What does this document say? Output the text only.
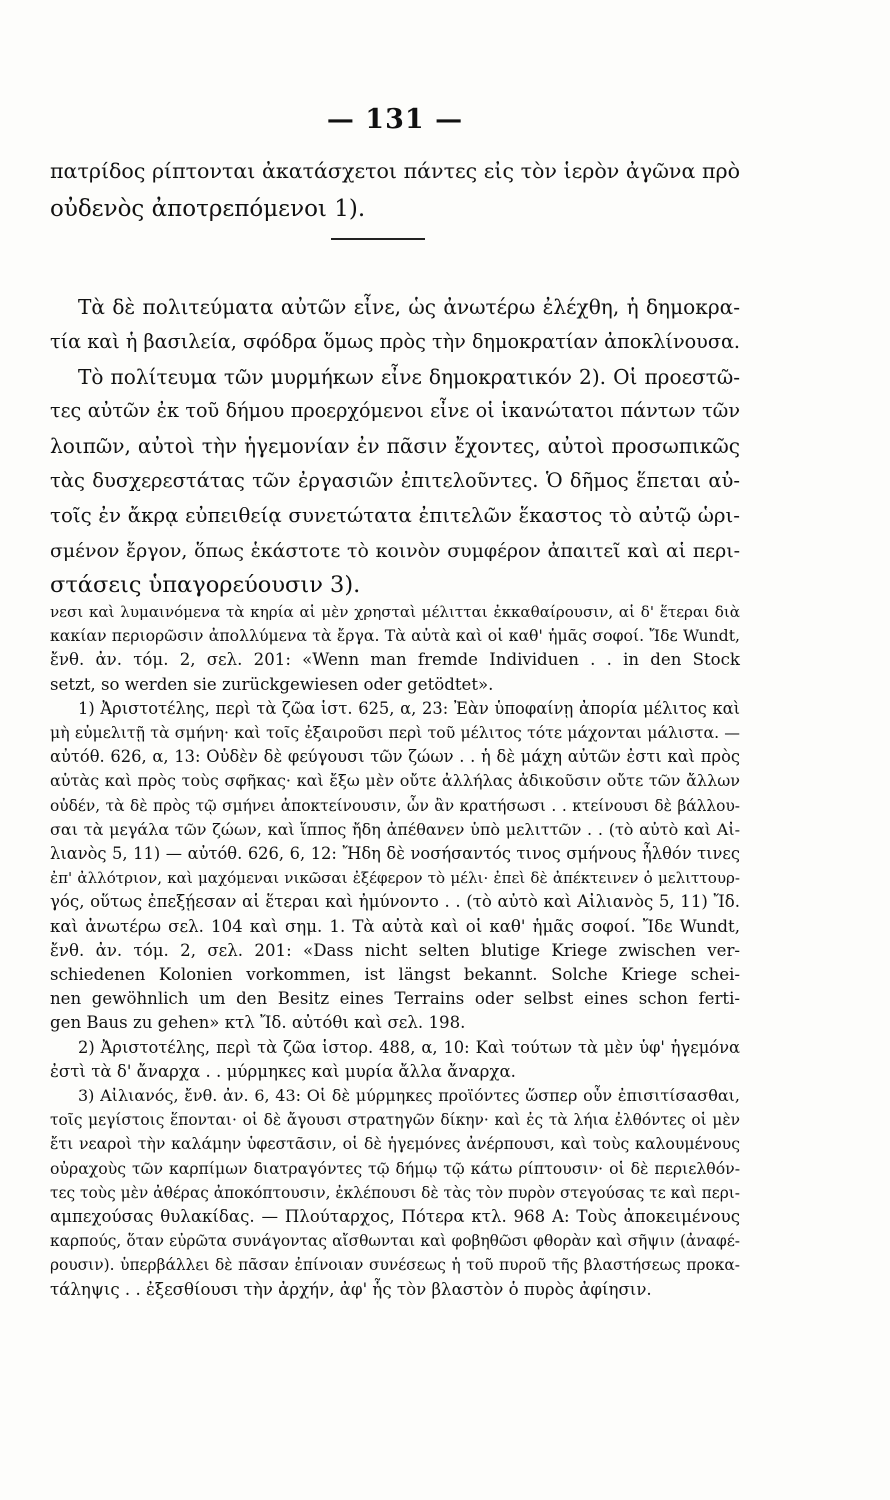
— 131 —
πατρίδος ρίπτονται ἀκατάσχετοι πάντες εἰς τὸν ἱερὸν ἀγῶνα πρὸ
οὐδενὸς ἀποτρεπόμενοι 1).
Τὰ δὲ πολιτεύματα αὐτῶν εἶνε, ὡς ἀνωτέρω ἐλέχθη, ἡ δημοκρα-
τία καὶ ἡ βασιλεία, σφόδρα ὅμως πρὸς τὴν δημοκρατίαν ἀποκλίνουσα.
Τὸ πολίτευμα τῶν μυρμήκων εἶνε δημοκρατικόν 2). Οἱ προεστῶ-
τες αὐτῶν ἐκ τοῦ δήμου προερχόμενοι εἶνε οἱ ἱκανώτατοι πάντων τῶν
λοιπῶν, αὐτοὶ τὴν ἡγεμονίαν ἐν πᾶσιν ἔχοντες, αὐτοὶ προσωπικῶς
τὰς δυσχερεστάτας τῶν ἐργασιῶν ἐπιτελοῦντες. Ὁ δῆμος ἕπεται αὐ-
τοῖς ἐν ἄκρᾳ εὐπειθείᾳ συνετώτατα ἐπιτελῶν ἕκαστος τὸ αὐτῷ ὡρι-
σμένον ἔργον, ὅπως ἑκάστοτε τὸ κοινὸν συμφέρον ἀπαιτεῖ καὶ αἱ περι-
στάσεις ὑπαγορεύουσιν 3).
νεσι καὶ λυμαινόμενα τὰ κηρία αἱ μὲν χρησταὶ μέλιτται ἐκκαθαίρουσιν, αἱ δ' ἕτεραι διὰ
κακίαν περιορῶσιν ἀπολλύμενα τὰ ἔργα. Τὰ αὐτὰ καὶ οἱ καθ' ἡμᾶς σοφοί. Ἴδε Wundt,
ἔνθ. ἀν. τόμ. 2, σελ. 201: «Wenn man fremde Individuen . . in den Stock
setzt, so werden sie zurückgewiesen oder getödtet».
1) Ἀριστοτέλης, περὶ τὰ ζῶα ἱστ. 625, α, 23: Ἐὰν ὑποφαίνῃ ἀπορία μέλιτος καὶ
μὴ εὐμελιτῇ τὰ σμήνη· καὶ τοῖς ἐξαιροῦσι περὶ τοῦ μέλιτος τότε μάχονται μάλιστα. —
αὐτόθ. 626, α, 13: Οὐδὲν δὲ φεύγουσι τῶν ζώων . . ἡ δὲ μάχη αὐτῶν ἐστι καὶ πρὸς
αὑτὰς καὶ πρὸς τοὺς σφῆκας· καὶ ἔξω μὲν οὔτε ἀλλήλας ἀδικοῦσιν οὔτε τῶν ἄλλων
οὐδέν, τὰ δὲ πρὸς τῷ σμήνει ἀποκτείνουσιν, ὧν ἂν κρατήσωσι . . κτείνουσι δὲ βάλλου-
σαι τὰ μεγάλα τῶν ζώων, καὶ ἵππος ἤδη ἀπέθανεν ὑπὸ μελιττῶν . . (τὸ αὐτὸ καὶ Αἰ-
λιανὸς 5, 11) — αὐτόθ. 626, 6, 12: Ἤδη δὲ νοσήσαντός τινος σμήνους ἦλθόν τινες
ἐπ' ἀλλότριον, καὶ μαχόμεναι νικῶσαι ἐξέφερον τὸ μέλι· ἐπεὶ δὲ ἀπέκτεινεν ὁ μελιττουρ-
γός, οὕτως ἐπεξῄεσαν αἱ ἕτεραι καὶ ἠμύνοντο . . (τὸ αὐτὸ καὶ Αἰλιανὸς 5, 11) Ἴδ.
καὶ ἀνωτέρω σελ. 104 καὶ σημ. 1. Τὰ αὐτὰ καὶ οἱ καθ' ἡμᾶς σοφοί. Ἴδε Wundt,
ἔνθ. ἀν. τόμ. 2, σελ. 201: «Dass nicht selten blutige Kriege zwischen ver-
schiedenen Kolonien vorkommen, ist längst bekannt. Solche Kriege schei-
nen gewöhnlich um den Besitz eines Terrains oder selbst eines schon ferti-
gen Baus zu gehen» κτλ Ἴδ. αὐτόθι καὶ σελ. 198.
2) Ἀριστοτέλης, περὶ τὰ ζῶα ἱστορ. 488, α, 10: Καὶ τούτων τὰ μὲν ὑφ' ἡγεμόνα
ἐστὶ τὰ δ' ἄναρχα . . μύρμηκες καὶ μυρία ἄλλα ἄναρχα.
3) Αἰλιανός, ἔνθ. ἀν. 6, 43: Οἱ δὲ μύρμηκες προϊόντες ὥσπερ οὖν ἐπισιτίσασθαι,
τοῖς μεγίστοις ἕπονται· οἱ δὲ ἄγουσι στρατηγῶν δίκην· καὶ ἐς τὰ λήια ἐλθόντες οἱ μὲν
ἔτι νεαροὶ τὴν καλάμην ὑφεστᾶσιν, οἱ δὲ ἡγεμόνες ἀνέρπουσι, καὶ τοὺς καλουμένους
οὐραχοὺς τῶν καρπίμων διατραγόντες τῷ δήμῳ τῷ κάτω ρίπτουσιν· οἱ δὲ περιελθόν-
τες τοὺς μὲν ἀθέρας ἀποκόπτουσιν, ἐκλέπουσι δὲ τὰς τὸν πυρὸν στεγούσας τε καὶ περι-
αμπεχούσας θυλακίδας. — Πλούταρχος, Πότερα κτλ. 968 Α: Τοὺς ἀποκειμένους
καρπούς, ὅταν εὐρῶτα συνάγοντας αἴσθωνται καὶ φοβηθῶσι φθορὰν καὶ σῆψιν (ἀναφέ-
ρουσιν). ὑπερβάλλει δὲ πᾶσαν ἐπίνοιαν συνέσεως ἡ τοῦ πυροῦ τῆς βλαστήσεως προκα-
τάληψις . . ἐξεσθίουσι τὴν ἀρχήν, ἀφ' ἧς τὸν βλαστὸν ὁ πυρὸς ἀφίησιν.
